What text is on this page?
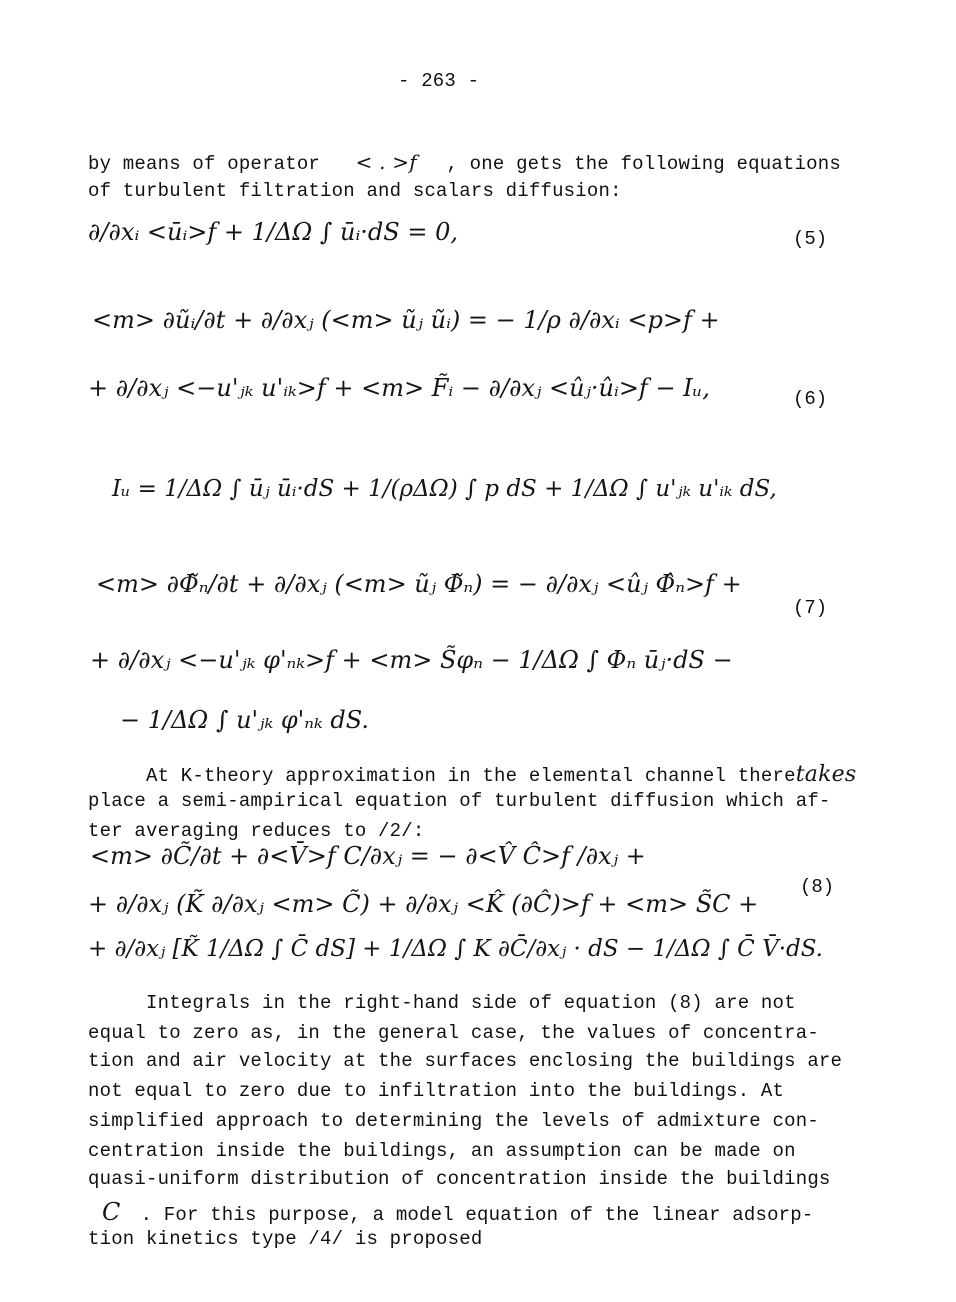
- 263 -
by means of operator < . >f , one gets the following equations
of turbulent filtration and scalars diffusion:
∂/∂xᵢ <ūᵢ>f + 1/ΔΩ ∫ ūᵢ·dS = 0,	(5)
<m> ∂ũᵢ/∂t + ∂/∂xⱼ (<m> ũⱼ ũᵢ) = − 1/ρ ∂/∂xᵢ <p>f +
+ ∂/∂xⱼ <−u'ⱼₖ u'ᵢₖ>f + <m> F̃ᵢ − ∂/∂xⱼ <ûⱼ·ûᵢ>f − Iᵤ,	(6)
Iᵤ = 1/ΔΩ ∫ ūⱼ ūᵢ·dS + 1/(ρΔΩ) ∫ p dS + 1/ΔΩ ∫ u'ⱼₖ u'ᵢₖ dS,
<m> ∂Φ̃ₙ/∂t + ∂/∂xⱼ (<m> ũⱼ Φ̃ₙ) = − ∂/∂xⱼ <ûⱼ Φ̂ₙ>f +
(7)
+ ∂/∂xⱼ <−u'ⱼₖ φ'ₙₖ>f + <m> S̃φₙ − 1/ΔΩ ∫ Φₙ ūⱼ·dS −
− 1/ΔΩ ∫ u'ⱼₖ φ'ₙₖ dS.
At K-theory approximation in the elemental channel theretakes
place a semi-ampirical equation of turbulent diffusion which af-
ter averaging reduces to /2/:
<m> ∂C̃/∂t + ∂<V̄>f C/∂xⱼ = − ∂<V̂ Ĉ>f /∂xⱼ +
(8)
+ ∂/∂xⱼ (K̃ ∂/∂xⱼ <m> C̃) + ∂/∂xⱼ <K̂ (∂Ĉ)>f + <m> S̃C +
+ ∂/∂xⱼ [K̃ 1/ΔΩ ∫ C̄ dS] + 1/ΔΩ ∫ K ∂C̄/∂xⱼ · dS − 1/ΔΩ ∫ C̄ V̄·dS.
Integrals in the right-hand side of equation (8) are not
equal to zero as, in the general case, the values of concentra-
tion and air velocity at the surfaces enclosing the buildings are
not equal to zero due to infiltration into the buildings. At
simplified approach to determining the levels of admixture con-
centration inside the buildings, an assumption can be made on
quasi-uniform distribution of concentration inside the buildings
C . For this purpose, a model equation of the linear adsorp-
tion kinetics type /4/ is proposed
